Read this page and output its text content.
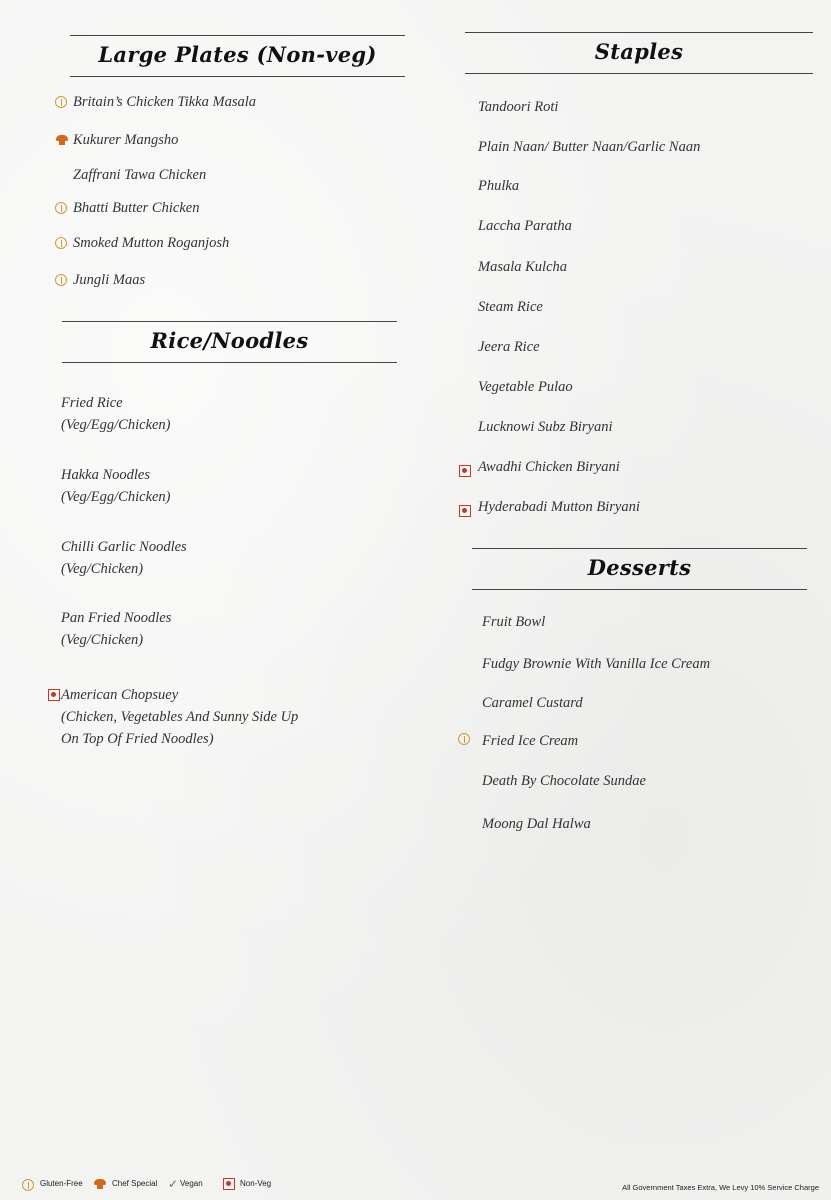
Large Plates (Non-veg)
Britain’s Chicken Tikka Masala
Kukurer Mangsho
Zaffrani Tawa Chicken
Bhatti Butter Chicken
Smoked Mutton Roganjosh
Jungli Maas
Rice/Noodles
Fried Rice
(Veg/Egg/Chicken)
Hakka Noodles
(Veg/Egg/Chicken)
Chilli Garlic Noodles
(Veg/Chicken)
Pan Fried Noodles
(Veg/Chicken)
American Chopsuey
(Chicken, Vegetables And Sunny Side Up
On Top Of Fried Noodles)
Staples
Tandoori Roti
Plain Naan/ Butter Naan/Garlic Naan
Phulka
Laccha Paratha
Masala Kulcha
Steam Rice
Jeera Rice
Vegetable Pulao
Lucknowi Subz Biryani
Awadhi Chicken Biryani
Hyderabadi Mutton Biryani
Desserts
Fruit Bowl
Fudgy Brownie With Vanilla Ice Cream
Caramel Custard
Fried Ice Cream
Death By Chocolate Sundae
Moong Dal Halwa
Gluten-Free	Chef Special ✓ Vegan	Non-Veg	All Government Taxes Extra, We Levy 10% Service Charge
